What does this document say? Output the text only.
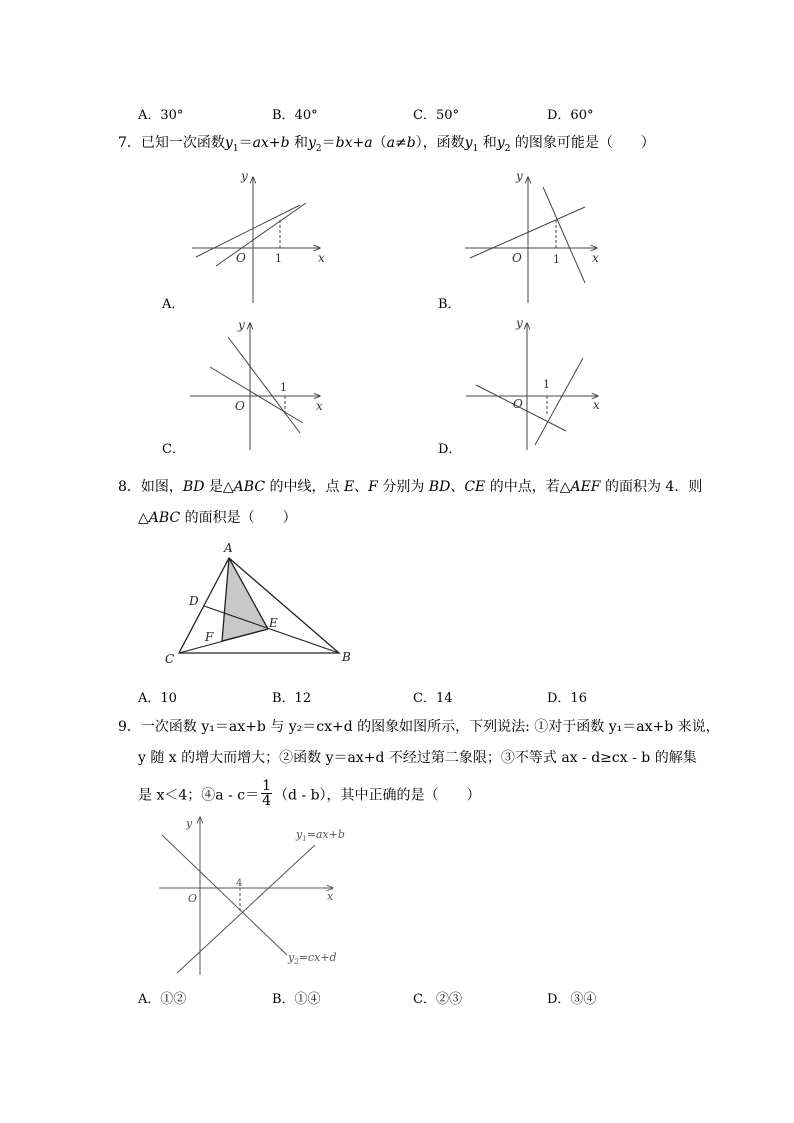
A．30°	B．40°	C．50°	D．60°
7．已知一次函数$y_1=ax+b$ 和$y_2=bx+a(a\ne b)$，函数$y_1$ 和$y_2$ 的图象可能是（　　）
y
O	1	x
A．
y
O	1	x
B．
y
O
1
x
C．
y
O
1
x
D．
8．如图，BD 是△ABC 的中线，点 E、F 分别为 BD、CE 的中点，若△AEF 的面积为 4．则
△ABC 的面积是（　　）
A
B
C
D
E
F
A．10	B．12	C．14	D．16
9．一次函数 y₁＝ax+b 与 y₂＝cx+d 的图象如图所示，下列说法: ①对于函数 y₁＝ax+b 来说，
y 随 x 的增大而增大；②函数 y＝ax+d 不经过第二象限；③不等式 ax - d≥cx - b 的解集
是 x＜4；④a - $c= \frac{1}{4} (d - b)$，其中正确的是（　　）
y
O
4
x
$y_1=ax+b$
$y_2=cx+d$
A．①②	B．①④	C．②③	D．③④
